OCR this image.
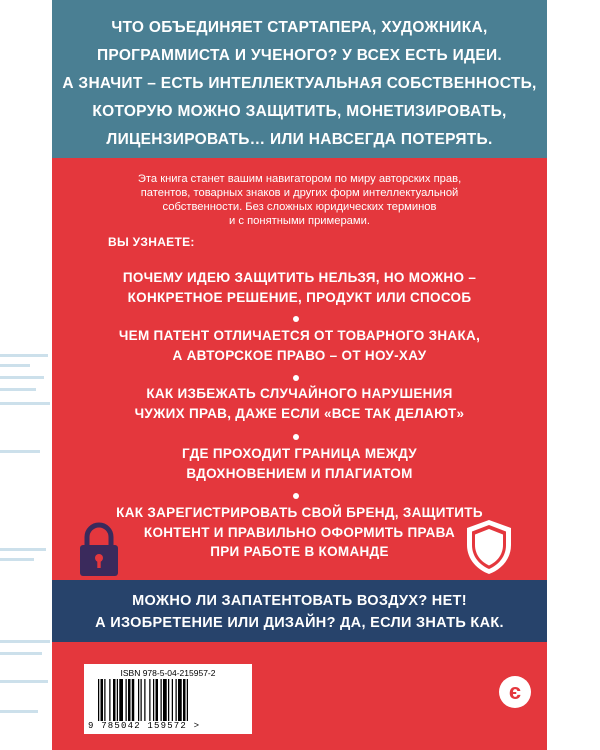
ЧТО ОБЪЕДИНЯЕТ СТАРТАПЕРА, ХУДОЖНИКА,
ПРОГРАММИСТА И УЧЕНОГО? У ВСЕХ ЕСТЬ ИДЕИ.
А ЗНАЧИТ – ЕСТЬ ИНТЕЛЛЕКТУАЛЬНАЯ СОБСТВЕННОСТЬ,
КОТОРУЮ МОЖНО ЗАЩИТИТЬ, МОНЕТИЗИРОВАТЬ,
ЛИЦЕНЗИРОВАТЬ… ИЛИ НАВСЕГДА ПОТЕРЯТЬ.

Эта книга станет вашим навигатором по миру авторских прав,
патентов, товарных знаков и других форм интеллектуальной
собственности. Без сложных юридических терминов
и с понятными примерами.

ВЫ УЗНАЕТЕ:

ПОЧЕМУ ИДЕЮ ЗАЩИТИТЬ НЕЛЬЗЯ, НО МОЖНО –
КОНКРЕТНОЕ РЕШЕНИЕ, ПРОДУКТ ИЛИ СПОСОБ
ЧЕМ ПАТЕНТ ОТЛИЧАЕТСЯ ОТ ТОВАРНОГО ЗНАКА,
А АВТОРСКОЕ ПРАВО – ОТ НОУ-ХАУ
КАК ИЗБЕЖАТЬ СЛУЧАЙНОГО НАРУШЕНИЯ
ЧУЖИХ ПРАВ, ДАЖЕ ЕСЛИ «ВСЕ ТАК ДЕЛАЮТ»
ГДЕ ПРОХОДИТ ГРАНИЦА МЕЖДУ
ВДОХНОВЕНИЕМ И ПЛАГИАТОМ
КАК ЗАРЕГИСТРИРОВАТЬ СВОЙ БРЕНД, ЗАЩИТИТЬ
КОНТЕНТ И ПРАВИЛЬНО ОФОРМИТЬ ПРАВА
ПРИ РАБОТЕ В КОМАНДЕ

МОЖНО ЛИ ЗАПАТЕНТОВАТЬ ВОЗДУХ? НЕТ!
А ИЗОБРЕТЕНИЕ ИЛИ ДИЗАЙН? ДА, ЕСЛИ ЗНАТЬ КАК.

ISBN 978-5-04-215957-2

9 785042 159572 >

є
